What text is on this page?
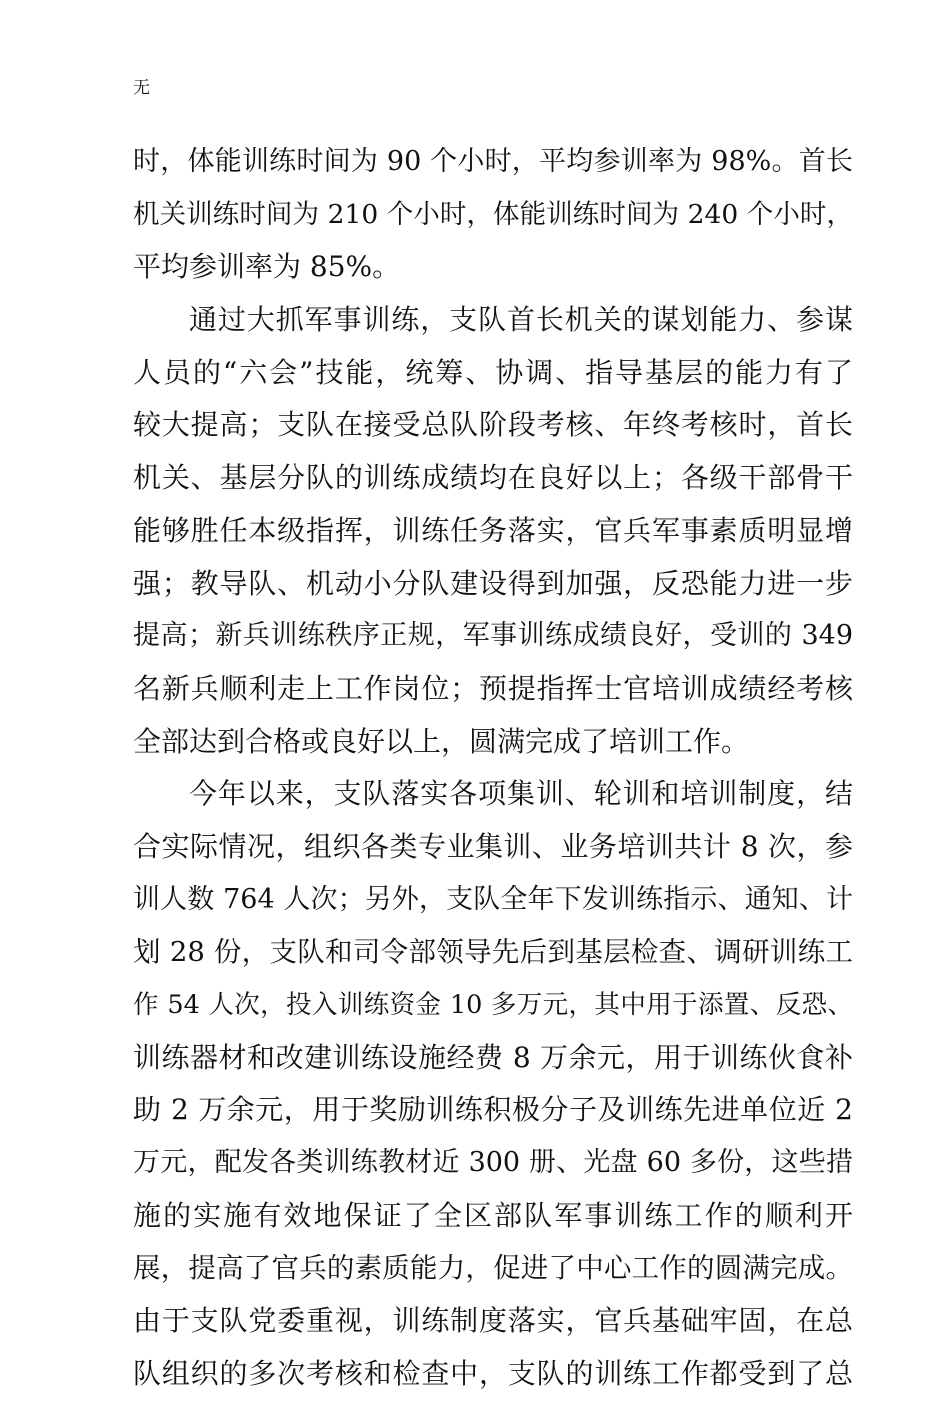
无
时，体能训练时间为 90 个小时，平均参训率为 98%。首长
机关训练时间为 210 个小时，体能训练时间为 240 个小时，
平均参训率为 85%。
通过大抓军事训练，支队首长机关的谋划能力、参谋
人员的“六会”技能，统筹、协调、指导基层的能力有了
较大提高；支队在接受总队阶段考核、年终考核时，首长
机关、基层分队的训练成绩均在良好以上；各级干部骨干
能够胜任本级指挥，训练任务落实，官兵军事素质明显增
强；教导队、机动小分队建设得到加强，反恐能力进一步
提高；新兵训练秩序正规，军事训练成绩良好，受训的 349
名新兵顺利走上工作岗位；预提指挥士官培训成绩经考核
全部达到合格或良好以上，圆满完成了培训工作。
今年以来，支队落实各项集训、轮训和培训制度，结
合实际情况，组织各类专业集训、业务培训共计 8 次，参
训人数 764 人次；另外，支队全年下发训练指示、通知、计
划 28 份，支队和司令部领导先后到基层检查、调研训练工
作 54 人次，投入训练资金 10 多万元，其中用于添置、反恐、
训练器材和改建训练设施经费 8 万余元，用于训练伙食补
助 2 万余元，用于奖励训练积极分子及训练先进单位近 2
万元，配发各类训练教材近 300 册、光盘 60 多份，这些措
施的实施有效地保证了全区部队军事训练工作的顺利开
展，提高了官兵的素质能力，促进了中心工作的圆满完成。
由于支队党委重视，训练制度落实，官兵基础牢固，在总
队组织的多次考核和检查中，支队的训练工作都受到了总
